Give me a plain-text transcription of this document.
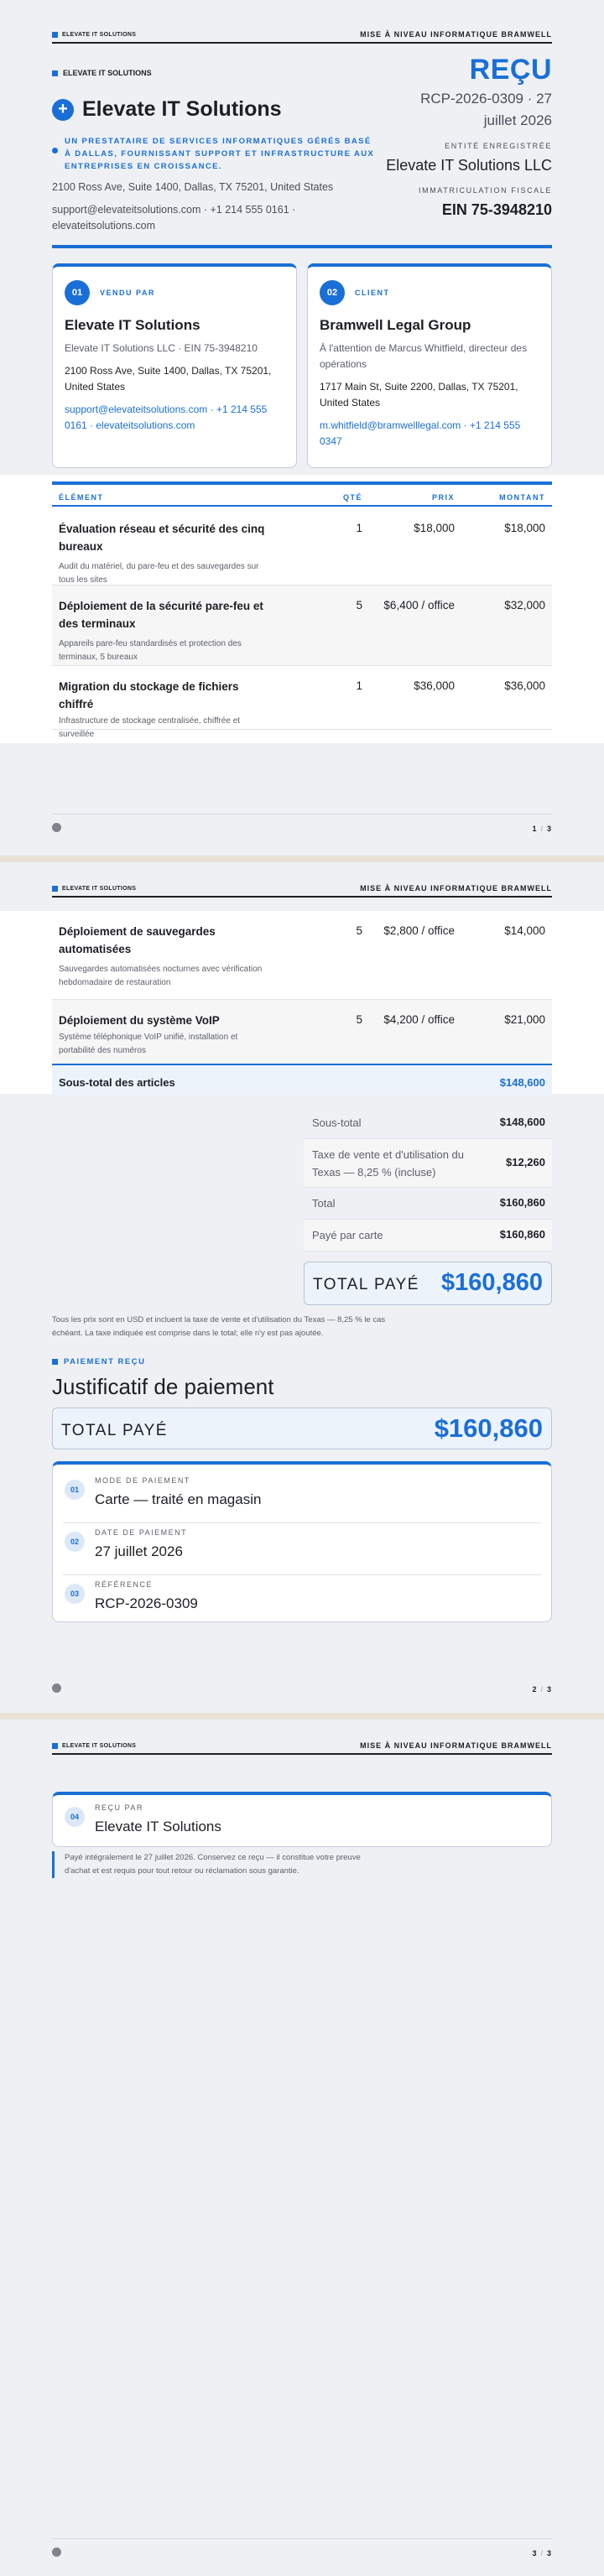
ELEVATE IT SOLUTIONS	MISE À NIVEAU INFORMATIQUE BRAMWELL
ELEVATE IT SOLUTIONS
+ Elevate IT Solutions
UN PRESTATAIRE DE SERVICES INFORMATIQUES GÉRÉS BASÉ À DALLAS, FOURNISSANT SUPPORT ET INFRASTRUCTURE AUX ENTREPRISES EN CROISSANCE.
2100 Ross Ave, Suite 1400, Dallas, TX 75201, United States
support@elevateitsolutions.com · +1 214 555 0161 ·
elevateitsolutions.com
REÇU
RCP-2026-0309 · 27
juillet 2026
ENTITÉ ENREGISTRÉE
Elevate IT Solutions LLC
IMMATRICULATION FISCALE
EIN 75-3948210
01	VENDU PAR
Elevate IT Solutions
Elevate IT Solutions LLC · EIN 75-3948210
2100 Ross Ave, Suite 1400, Dallas, TX 75201, United States
support@elevateitsolutions.com · +1 214 555 0161 · elevateitsolutions.com
02	CLIENT
Bramwell Legal Group
À l'attention de Marcus Whitfield, directeur des opérations
1717 Main St, Suite 2200, Dallas, TX 75201, United States
m.whitfield@bramwelllegal.com · +1 214 555 0347
ÉLÉMENT	QTÉ	PRIX	MONTANT
Évaluation réseau et sécurité des cinq bureaux
Audit du matériel, du pare-feu et des sauvegardes sur tous les sites
1	$18,000	$18,000
Déploiement de la sécurité pare-feu et des terminaux
Appareils pare-feu standardisés et protection des terminaux, 5 bureaux
5 $6,400 / office	$32,000
Migration du stockage de fichiers chiffré
Infrastructure de stockage centralisée, chiffrée et surveillée
1	$36,000	$36,000
1 / 3
ELEVATE IT SOLUTIONS	MISE À NIVEAU INFORMATIQUE BRAMWELL
2 / 3
Déploiement de sauvegardes automatisées
Sauvegardes automatisées nocturnes avec vérification hebdomadaire de restauration
5 $2,800 / office	$14,000
Déploiement du système VoIP
Système téléphonique VoIP unifié, installation et portabilité des numéros
5 $4,200 / office	$21,000
Sous-total des articles	$148,600
Sous-total	$148,600
Taxe de vente et d'utilisation du Texas — 8,25 % (incluse)
$12,260
Total	$160,860
Payé par carte	$160,860
TOTAL PAYÉ $160,860
Tous les prix sont en USD et incluent la taxe de vente et d'utilisation du Texas — 8,25 % le cas échéant. La taxe indiquée est comprise dans le total; elle n'y est pas ajoutée.
PAIEMENT REÇU
Justificatif de paiement
TOTAL PAYÉ	$160,860
01
MODE DE PAIEMENT
Carte — traité en magasin
02
DATE DE PAIEMENT
27 juillet 2026
03
RÉFÉRENCE
RCP-2026-0309
ELEVATE IT SOLUTIONS	MISE À NIVEAU INFORMATIQUE BRAMWELL
3 / 3
04
REÇU PAR
Elevate IT Solutions
Payé intégralement le 27 juillet 2026. Conservez ce reçu — il constitue votre preuve d'achat et est requis pour tout retour ou réclamation sous garantie.
